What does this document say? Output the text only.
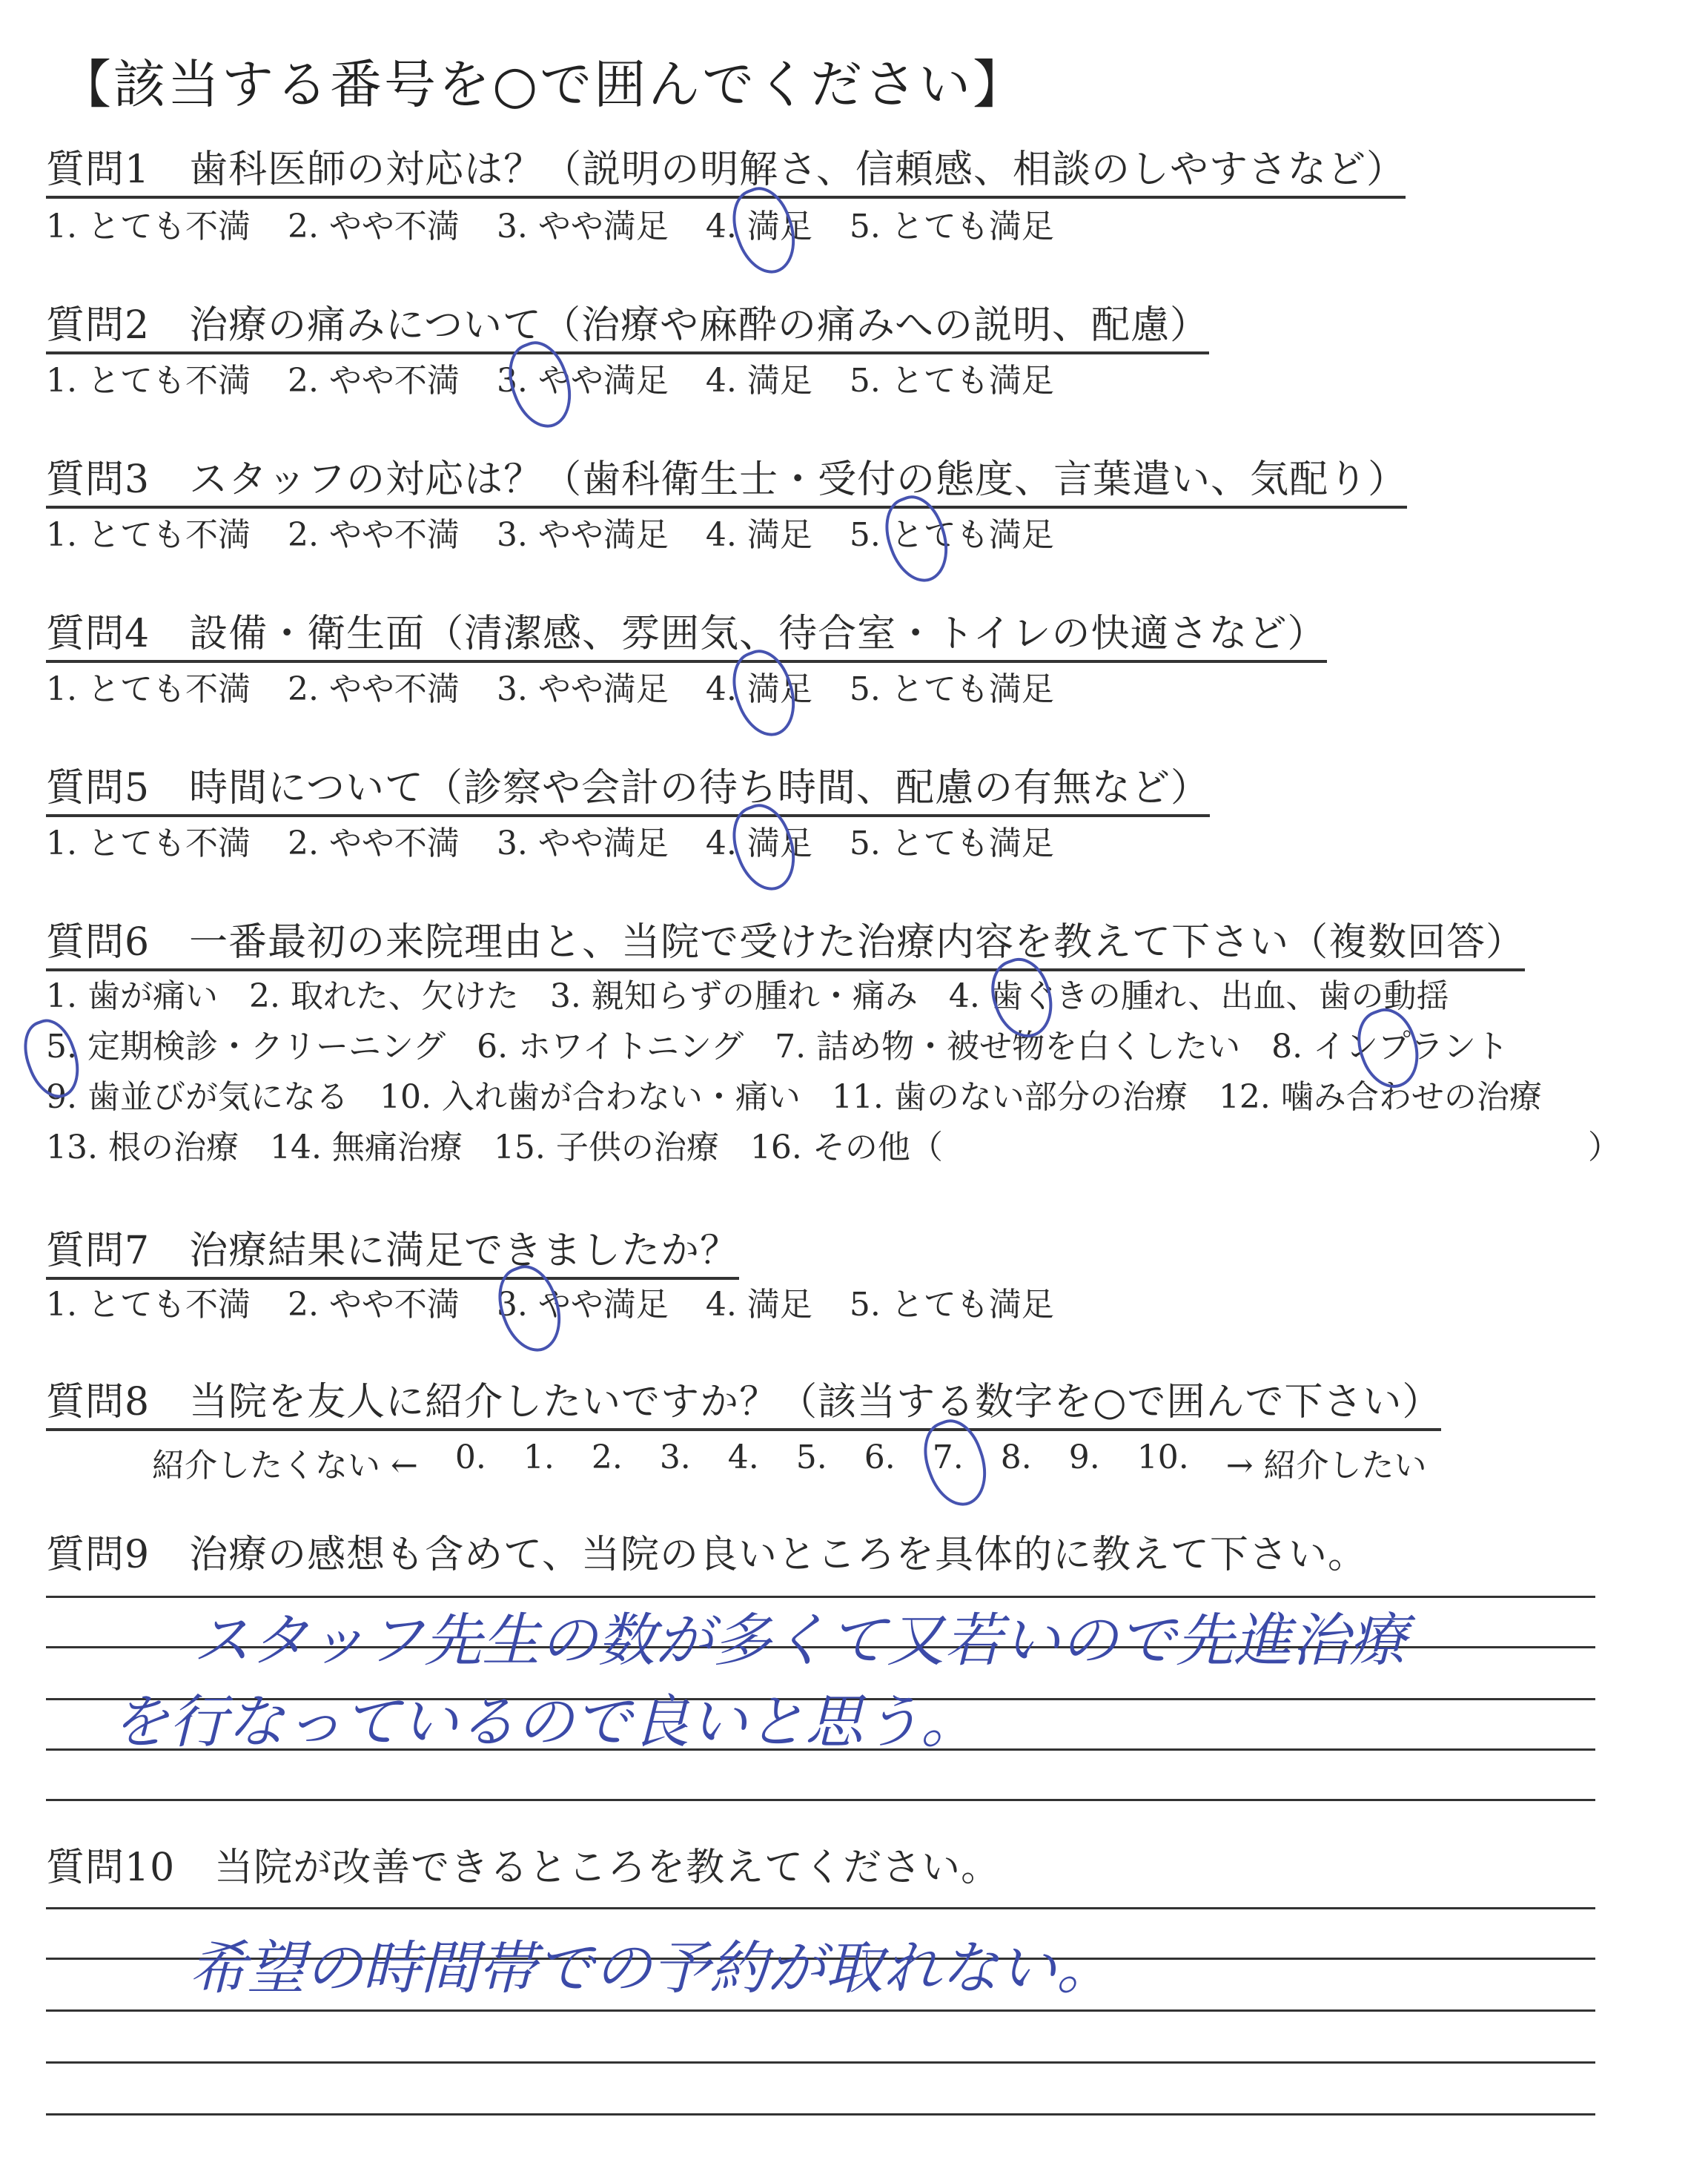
【該当する番号を○で囲んでください】
質問1　歯科医師の対応は？（説明の明解さ、信頼感、相談のしやすさなど）
1. とても不満 2. やや不満 3. やや満足 4. 満足 5. とても満足
質問2　治療の痛みについて（治療や麻酔の痛みへの説明、配慮）
1. とても不満 2. やや不満 3. やや満足 4. 満足 5. とても満足
質問3　スタッフの対応は？（歯科衛生士・受付の態度、言葉遣い、気配り）
1. とても不満 2. やや不満 3. やや満足 4. 満足 5. とても満足
質問4　設備・衛生面（清潔感、雰囲気、待合室・トイレの快適さなど）
1. とても不満 2. やや不満 3. やや満足 4. 満足 5. とても満足
質問5　時間について（診察や会計の待ち時間、配慮の有無など）
1. とても不満 2. やや不満 3. やや満足 4. 満足 5. とても満足
質問6　一番最初の来院理由と、当院で受けた治療内容を教えて下さい（複数回答）
1. 歯が痛い 2. 取れた、欠けた 3. 親知らずの腫れ・痛み 4. 歯ぐきの腫れ、出血、歯の動揺
5. 定期検診・クリーニング 6. ホワイトニング 7. 詰め物・被せ物を白くしたい 8. インプラント
9. 歯並びが気になる 10. 入れ歯が合わない・痛い 11. 歯のない部分の治療 12. 噛み合わせの治療
13. 根の治療 14. 無痛治療 15. 子供の治療 16. その他（	）
質問7　治療結果に満足できましたか？
1. とても不満 2. やや不満 3. やや満足 4. 満足 5. とても満足
質問8　当院を友人に紹介したいですか？（該当する数字を○で囲んで下さい）
紹介したくない ← 0. 1. 2. 3. 4. 5. 6. 7. 8. 9. 10. → 紹介したい
質問9　治療の感想も含めて、当院の良いところを具体的に教えて下さい。
スタッフ先生の数が多くて又若いので先進治療
を行なっているので良いと思う。
質問10　当院が改善できるところを教えてください。
希望の時間帯での予約が取れない。
